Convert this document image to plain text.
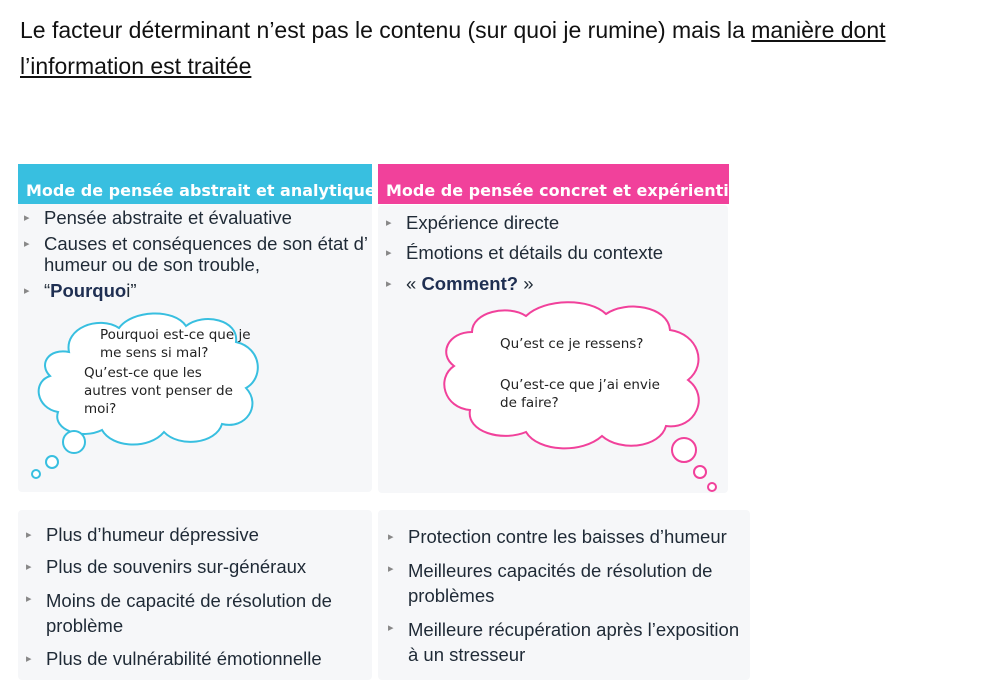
Le facteur déterminant n’est pas le contenu (sur quoi je rumine) mais la manière dont l’information est traitée
Mode de pensée abstrait et analytique Mode de pensée concret et expérientiel
▸ Pensée abstraite et évaluative
▸ Causes et conséquences de son état d’ humeur ou de son trouble,
▸ “Pourquoi”
▸ Expérience directe
▸ Émotions et détails du contexte
▸ « Comment? »
Pourquoi est-ce que je me sens si mal?
Qu’est-ce que les autres vont penser de moi?
Qu’est ce je ressens?
Qu’est-ce que j’ai envie de faire?
▸ Plus d’humeur dépressive
▸ Plus de souvenirs sur-généraux
▸ Moins de capacité de résolution de problème
▸ Plus de vulnérabilité émotionnelle
▸ Protection contre les baisses d’humeur
▸ Meilleures capacités de résolution de problèmes
▸ Meilleure récupération après l’exposition à un stresseur
